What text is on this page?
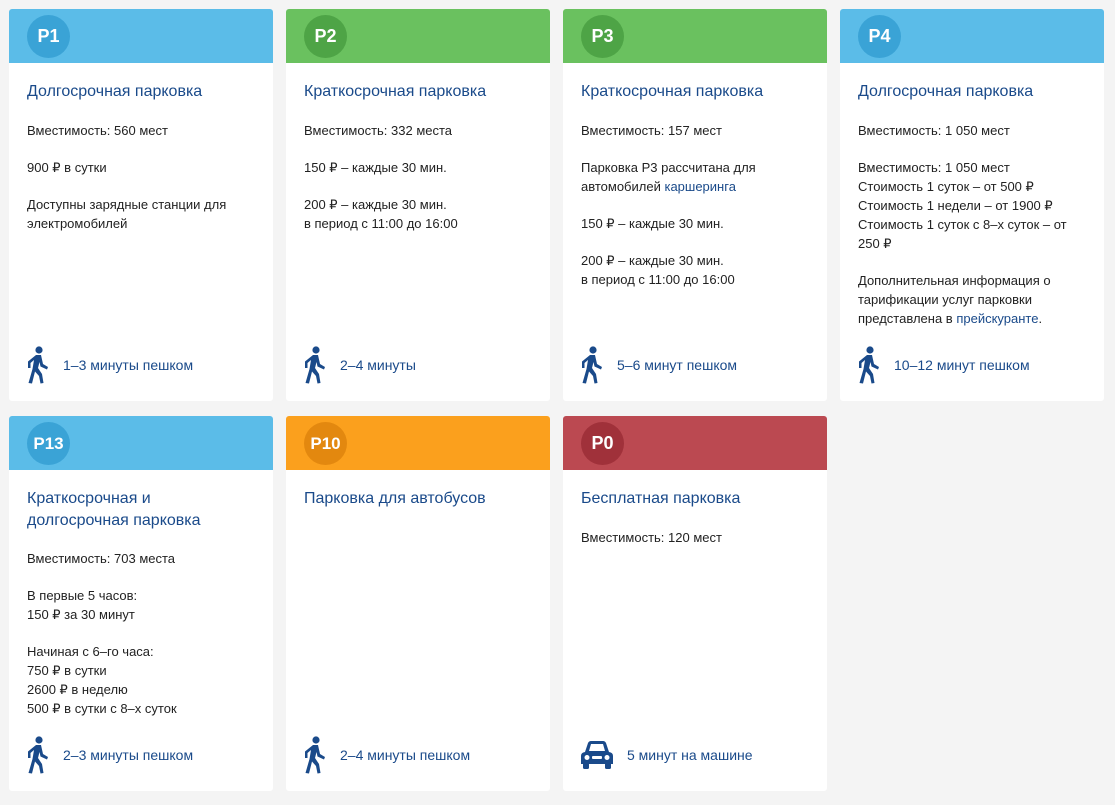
P1
Долгосрочная парковка

Вместимость: 560 мест

900 ₽ в сутки

Доступны зарядные станции для электромобилей

1–3 минуты пешком
P2
Краткосрочная парковка

Вместимость: 332 места

150 ₽ – каждые 30 мин.

200 ₽ – каждые 30 мин.
в период с 11:00 до 16:00

2–4 минуты
P3
Краткосрочная парковка

Вместимость: 157 мест

Парковка Р3 рассчитана для автомобилей каршеринга

150 ₽ – каждые 30 мин.

200 ₽ – каждые 30 мин.
в период с 11:00 до 16:00

5–6 минут пешком
P4
Долгосрочная парковка

Вместимость: 1 050 мест

Вместимость: 1 050 мест
Стоимость 1 суток – от 500 ₽
Стоимость 1 недели – от 1900 ₽
Стоимость 1 суток с 8–х суток – от 250 ₽

Дополнительная информация о тарификации услуг парковки представлена в прейскуранте.

10–12 минут пешком
P13
Краткосрочная и долгосрочная парковка

Вместимость: 703 места

В первые 5 часов:
150 ₽ за 30 минут

Начиная с 6–го часа:
750 ₽ в сутки
2600 ₽ в неделю
500 ₽ в сутки с 8–х суток

2–3 минуты пешком
P10
Парковка для автобусов
2–4 минуты пешком
P0
Бесплатная парковка

Вместимость: 120 мест

5 минут на машине
